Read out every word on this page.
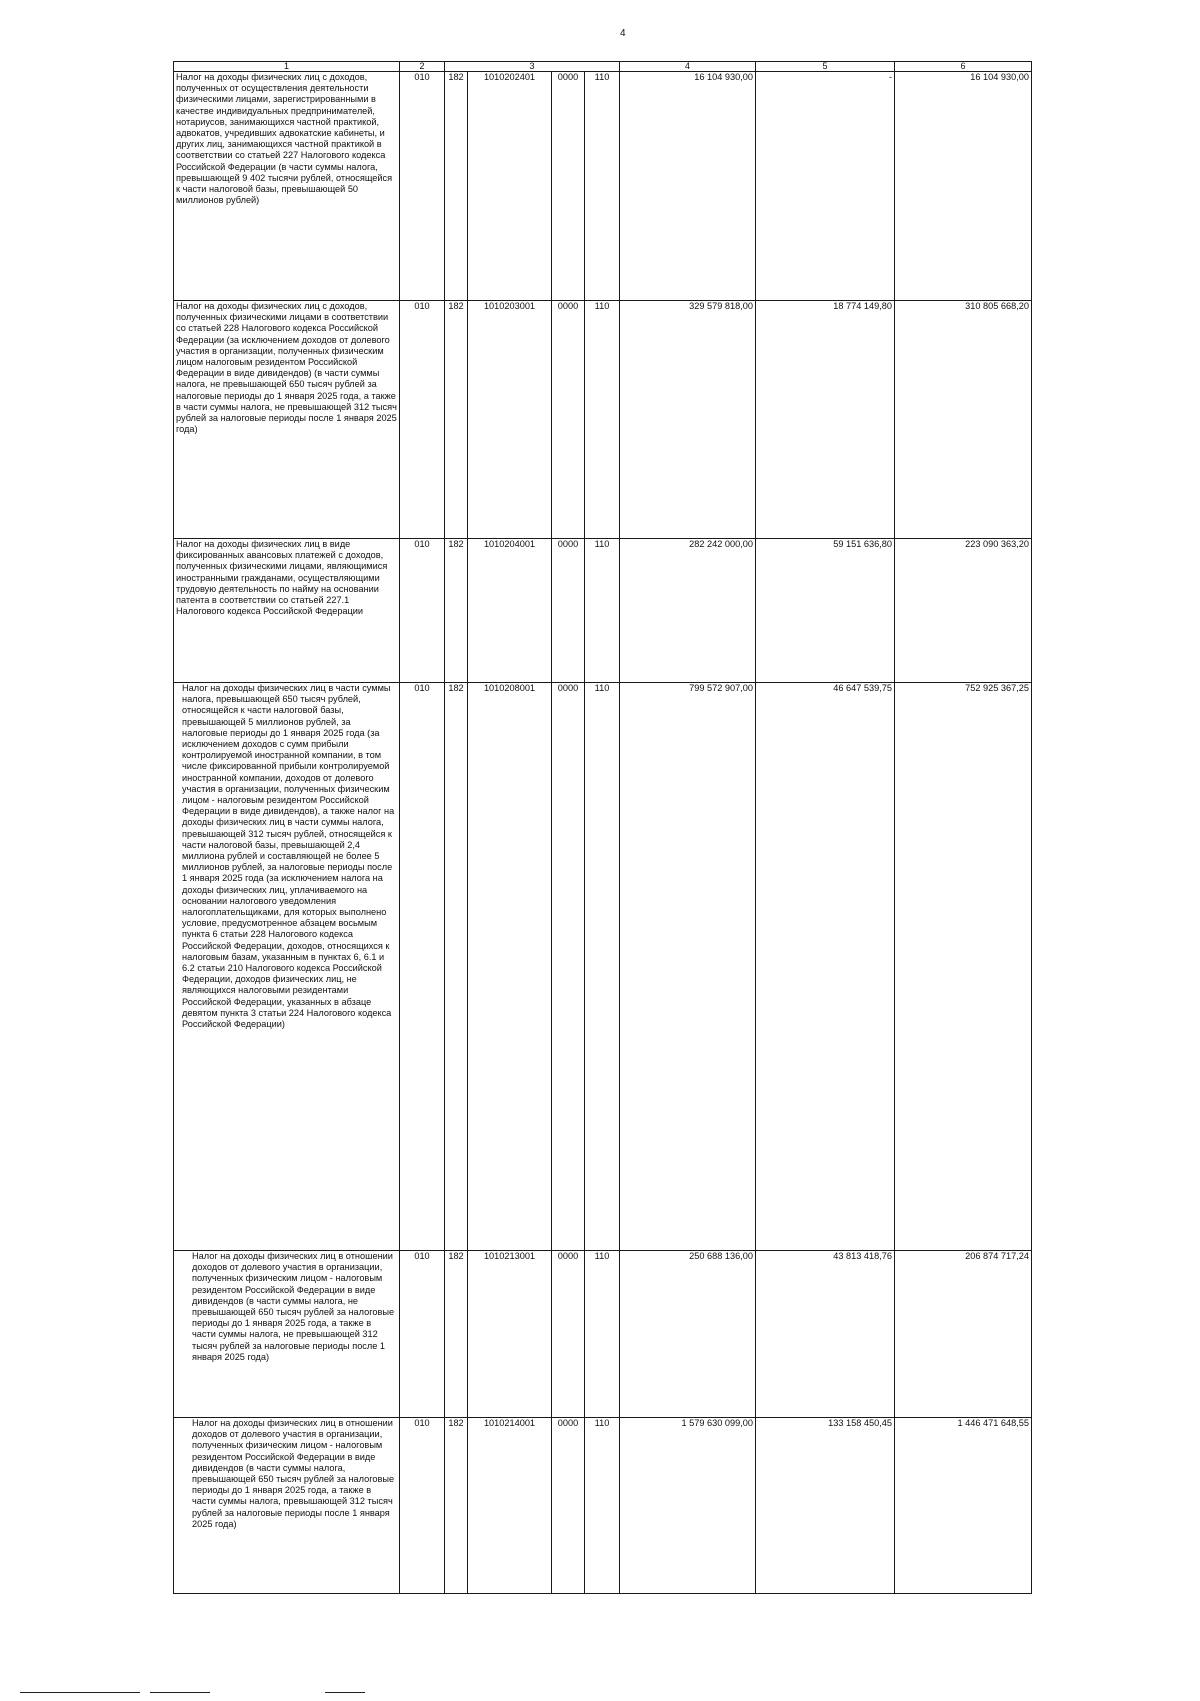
4
1	2	3				4	5	6
Налог на доходы физических лиц с доходов, полученных от осуществления деятельности физическими лицами, зарегистрированными в качестве индивидуальных предпринимателей, нотариусов, занимающихся частной практикой, адвокатов, учредивших адвокатские кабинеты, и других лиц, занимающихся частной практикой в соответствии со статьей 227 Налогового кодекса Российской Федерации (в части суммы налога, превышающей 9 402 тысячи рублей, относящейся к части налоговой базы, превышающей 50 миллионов рублей)	010	182	1010202401	0000	110	16 104 930,00	-	16 104 930,00
Налог на доходы физических лиц с доходов, полученных физическими лицами в соответствии со статьей 228 Налогового кодекса Российской Федерации (за исключением доходов от долевого участия в организации, полученных физическим лицом налоговым резидентом Российской Федерации в виде дивидендов) (в части суммы налога, не превышающей 650 тысяч рублей за налоговые периоды до 1 января 2025 года, а также в части суммы налога, не превышающей 312 тысяч рублей за налоговые периоды после 1 января 2025 года)	010	182	1010203001	0000	110	329 579 818,00	18 774 149,80	310 805 668,20
Налог на доходы физических лиц в виде фиксированных авансовых платежей с доходов, полученных физическими лицами, являющимися иностранными гражданами, осуществляющими трудовую деятельность по найму на основании патента в соответствии со статьей 227.1 Налогового кодекса Российской Федерации	010	182	1010204001	0000	110	282 242 000,00	59 151 636,80	223 090 363,20
Налог на доходы физических лиц в части суммы налога, превышающей 650 тысяч рублей, относящейся к части налоговой базы, превышающей 5 миллионов рублей, за налоговые периоды до 1 января 2025 года (за исключением доходов с сумм прибыли контролируемой иностранной компании, в том числе фиксированной прибыли контролируемой иностранной компании, доходов от долевого участия в организации, полученных физическим лицом - налоговым резидентом Российской Федерации в виде дивидендов), а также налог на доходы физических лиц в части суммы налога, превышающей 312 тысяч рублей, относящейся к части налоговой базы, превышающей 2,4 миллиона рублей и составляющей не более 5 миллионов рублей, за налоговые периоды после 1 января 2025 года (за исключением налога на доходы физических лиц, уплачиваемого на основании налогового уведомления налогоплательщиками, для которых выполнено условие, предусмотренное абзацем восьмым пункта 6 статьи 228 Налогового кодекса Российской Федерации, доходов, относящихся к налоговым базам, указанным в пунктах 6, 6.1 и 6.2 статьи 210 Налогового кодекса Российской Федерации, доходов физических лиц, не являющихся налоговыми резидентами Российской Федерации, указанных в абзаце девятом пункта 3 статьи 224 Налогового кодекса Российской Федерации)	010	182	1010208001	0000	110	799 572 907,00	46 647 539,75	752 925 367,25
Налог на доходы физических лиц в отношении доходов от долевого участия в организации, полученных физическим лицом - налоговым резидентом Российской Федерации в виде дивидендов (в части суммы налога, не превышающей 650 тысяч рублей за налоговые периоды до 1 января 2025 года, а также в части суммы налога, не превышающей 312 тысяч рублей за налоговые периоды после 1 января 2025 года)	010	182	1010213001	0000	110	250 688 136,00	43 813 418,76	206 874 717,24
Налог на доходы физических лиц в отношении доходов от долевого участия в организации, полученных физическим лицом - налоговым резидентом Российской Федерации в виде дивидендов (в части суммы налога, превышающей 650 тысяч рублей за налоговые периоды до 1 января 2025 года, а также в части суммы налога, превышающей 312 тысяч рублей за налоговые периоды после 1 января 2025 года)	010	182	1010214001	0000	110	1 579 630 099,00	133 158 450,45	1 446 471 648,55
